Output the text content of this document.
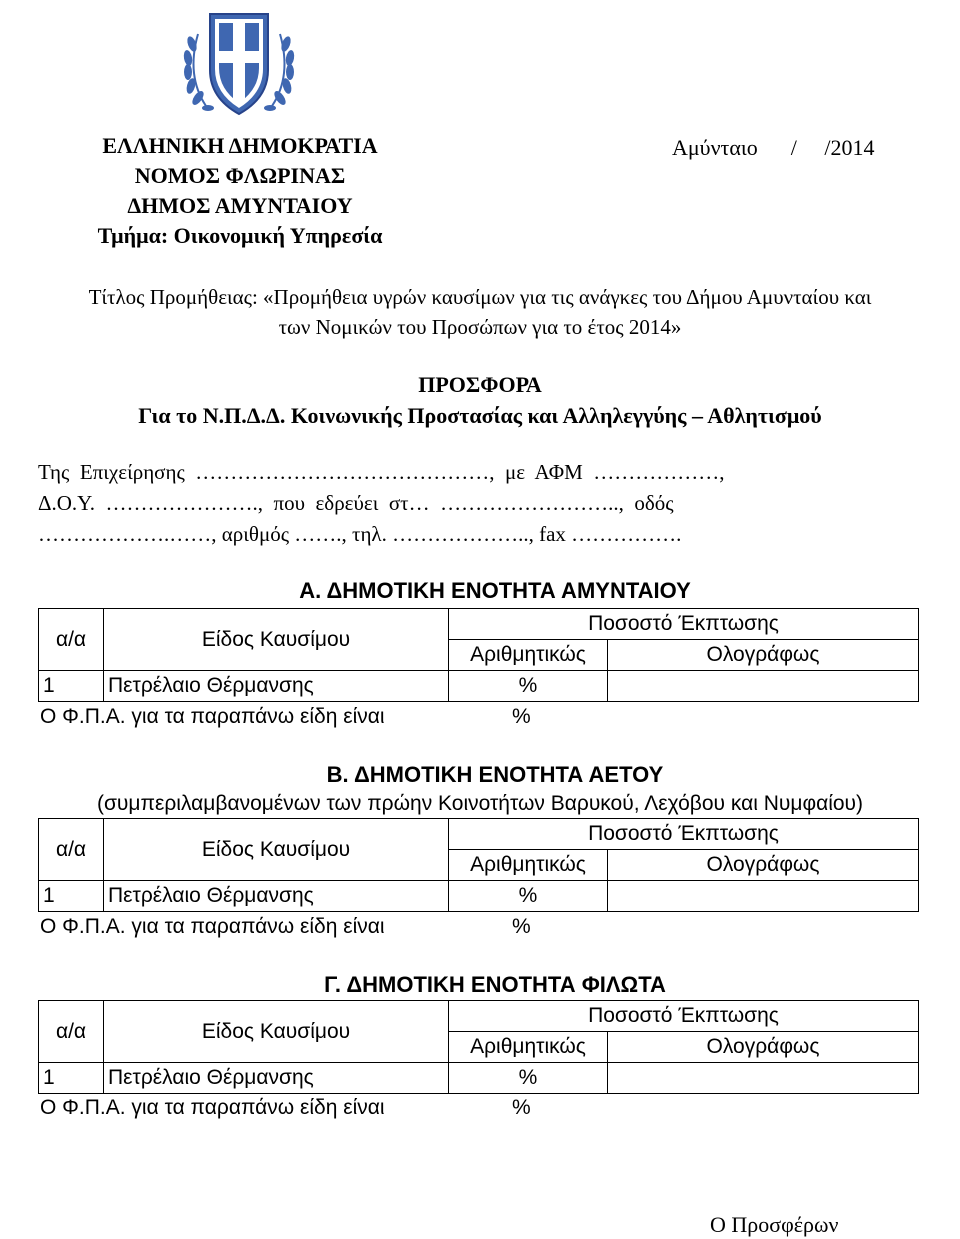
ΕΛΛΗΝΙΚΗ ΔΗΜΟΚΡΑΤΙΑ
ΝΟΜΟΣ ΦΛΩΡΙΝΑΣ
ΔΗΜΟΣ ΑΜΥΝΤΑΙΟΥ
Τμήμα: Οικονομική Υπηρεσία
Αμύνταιο      /     /2014
Τίτλος Προμήθειας: «Προμήθεια υγρών καυσίμων για τις ανάγκες του Δήμου Αμυνταίου και
των Νομικών του Προσώπων για το έτος 2014»
ΠΡΟΣΦΟΡΑ
Για το Ν.Π.Δ.Δ. Κοινωνικής Προστασίας και Αλληλεγγύης – Αθλητισμού
Της  Επιχείρησης  ……………………………………,  με  ΑΦΜ  ………………,
Δ.Ο.Υ.  ………………….,  που  εδρεύει  στ…  ……………………..,  οδός
……………….……, αριθμός ……., τηλ. ……………….., fax …………….
Α. ΔΗΜΟΤΙΚΗ ΕΝΟΤΗΤΑ ΑΜΥΝΤΑΙΟΥ
α/α	Είδος Καυσίμου	Ποσοστό Έκπτωσης	
		Αριθμητικώς	Ολογράφως
1	Πετρέλαιο Θέρμανσης	%	
Ο Φ.Π.Α. για τα παραπάνω είδη είναι	%
Β. ΔΗΜΟΤΙΚΗ ΕΝΟΤΗΤΑ ΑΕΤΟΥ
(συμπεριλαμβανομένων των πρώην Κοινοτήτων Βαρυκού, Λεχόβου και Νυμφαίου)
α/α	Είδος Καυσίμου	Ποσοστό Έκπτωσης	
		Αριθμητικώς	Ολογράφως
1	Πετρέλαιο Θέρμανσης	%	
Ο Φ.Π.Α. για τα παραπάνω είδη είναι	%
Γ. ΔΗΜΟΤΙΚΗ ΕΝΟΤΗΤΑ ΦΙΛΩΤΑ
α/α	Είδος Καυσίμου	Ποσοστό Έκπτωσης	
		Αριθμητικώς	Ολογράφως
1	Πετρέλαιο Θέρμανσης	%	
Ο Φ.Π.Α. για τα παραπάνω είδη είναι	%
Ο Προσφέρων
